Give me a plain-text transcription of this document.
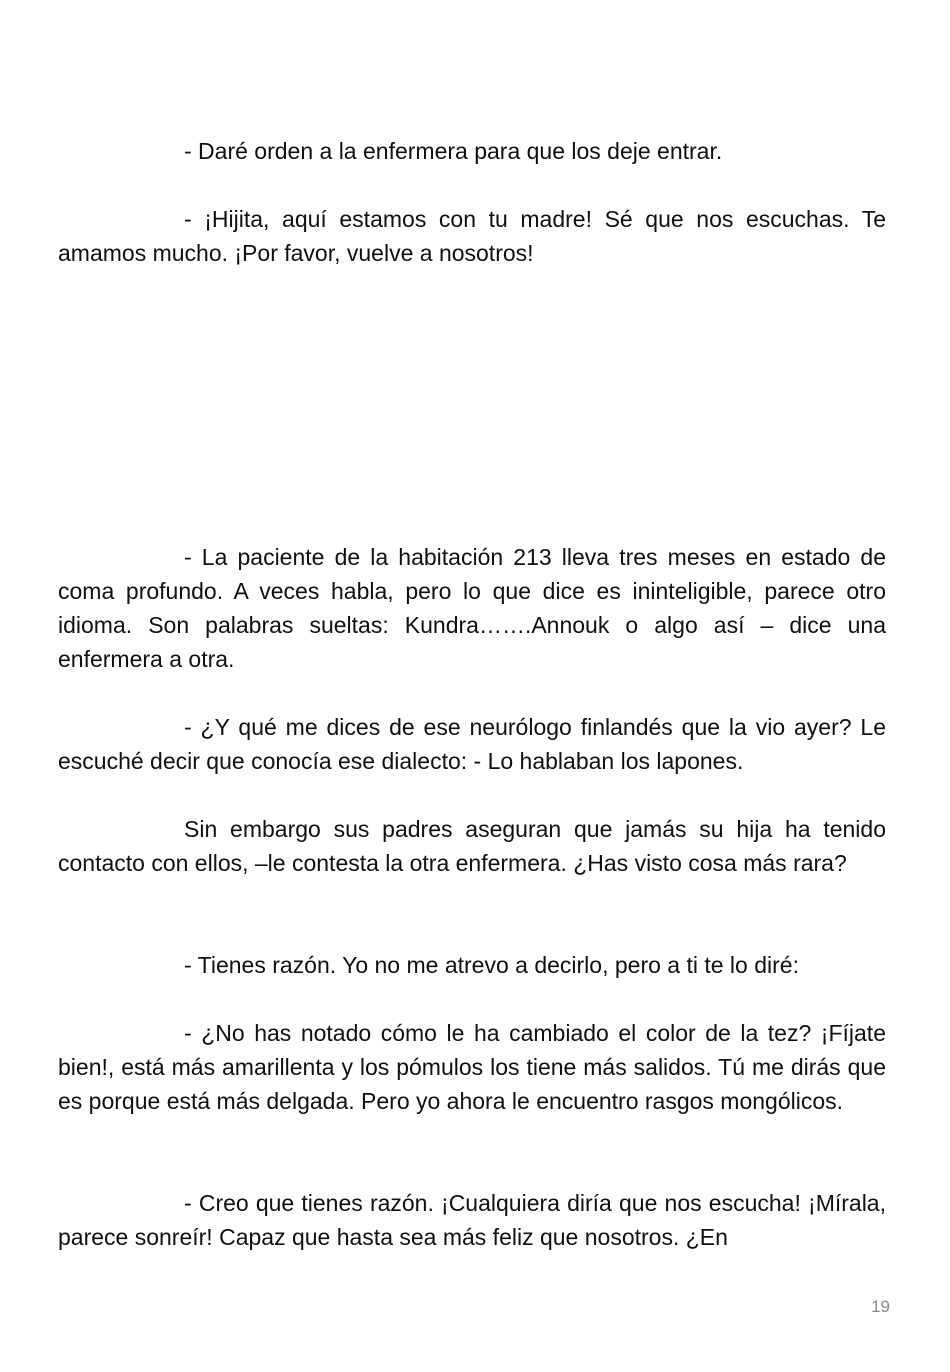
- Daré orden a la enfermera para que los deje entrar.

- ¡Hijita, aquí estamos con tu madre! Sé que nos escuchas. Te amamos mucho. ¡Por favor, vuelve a nosotros!

- La paciente de la habitación 213 lleva tres meses en estado de coma profundo. A veces habla, pero lo que dice es ininteligible, parece otro idioma. Son palabras sueltas: Kundra…….Annouk o algo así – dice una enfermera a otra.

- ¿Y qué me dices de ese neurólogo finlandés que la vio ayer? Le escuché decir que conocía ese dialecto: - Lo hablaban los lapones.

Sin embargo sus padres aseguran que jamás su hija ha tenido contacto con ellos, –le contesta la otra enfermera. ¿Has visto cosa más rara?

- Tienes razón. Yo no me atrevo a decirlo, pero a ti te lo diré:

- ¿No has notado cómo le ha cambiado el color de la tez? ¡Fíjate bien!, está más amarillenta y los pómulos los tiene más salidos. Tú me dirás que es porque está más delgada. Pero yo ahora le encuentro rasgos mongólicos.

- Creo que tienes razón. ¡Cualquiera diría que nos escucha! ¡Mírala, parece sonreír! Capaz que hasta sea más feliz que nosotros. ¿En

19
